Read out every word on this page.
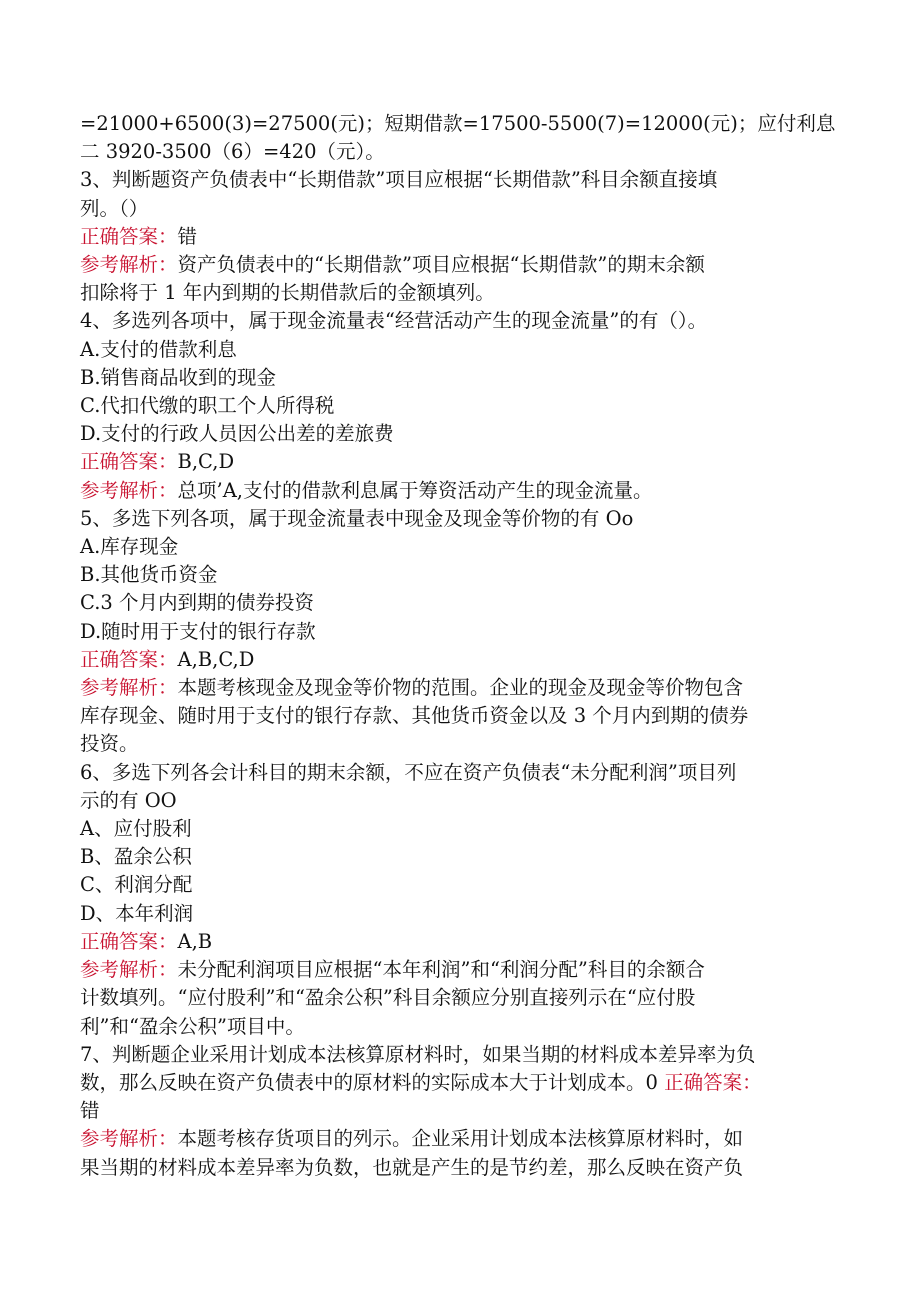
=21000+6500(3)=27500(元)；短期借款=17500-5500(7)=12000(元)；应付利息
二 3920-3500（6）=420（元）。
3、判断题资产负债表中“长期借款”项目应根据“长期借款”科目余额直接填
列。（）
正确答案：错
参考解析：资产负债表中的“长期借款”项目应根据“长期借款”的期末余额
扣除将于 1 年内到期的长期借款后的金额填列。
4、多选列各项中，属于现金流量表“经营活动产生的现金流量”的有（）。
A.支付的借款利息
B.销售商品收到的现金
C.代扣代缴的职工个人所得税
D.支付的行政人员因公出差的差旅费
正确答案：B,C,D
参考解析：总项’A,支付的借款利息属于筹资活动产生的现金流量。
5、多选下列各项，属于现金流量表中现金及现金等价物的有 Oo
A.库存现金
B.其他货币资金
C.3 个月内到期的债券投资
D.随时用于支付的银行存款
正确答案：A,B,C,D
参考解析：本题考核现金及现金等价物的范围。企业的现金及现金等价物包含
库存现金、随时用于支付的银行存款、其他货币资金以及 3 个月内到期的债券
投资。
6、多选下列各会计科目的期末余额，不应在资产负债表“未分配利润”项目列
示的有 OO
A、应付股利
B、盈余公积
C、利润分配
D、本年利润
正确答案：A,B
参考解析：未分配利润项目应根据“本年利润”和“利润分配”科目的余额合
计数填列。“应付股利”和“盈余公积”科目余额应分别直接列示在“应付股
利”和“盈余公积”项目中。
7、判断题企业采用计划成本法核算原材料时，如果当期的材料成本差异率为负
数，那么反映在资产负债表中的原材料的实际成本大于计划成本。0 正确答案：
错
参考解析：本题考核存货项目的列示。企业采用计划成本法核算原材料时，如
果当期的材料成本差异率为负数，也就是产生的是节约差，那么反映在资产负
